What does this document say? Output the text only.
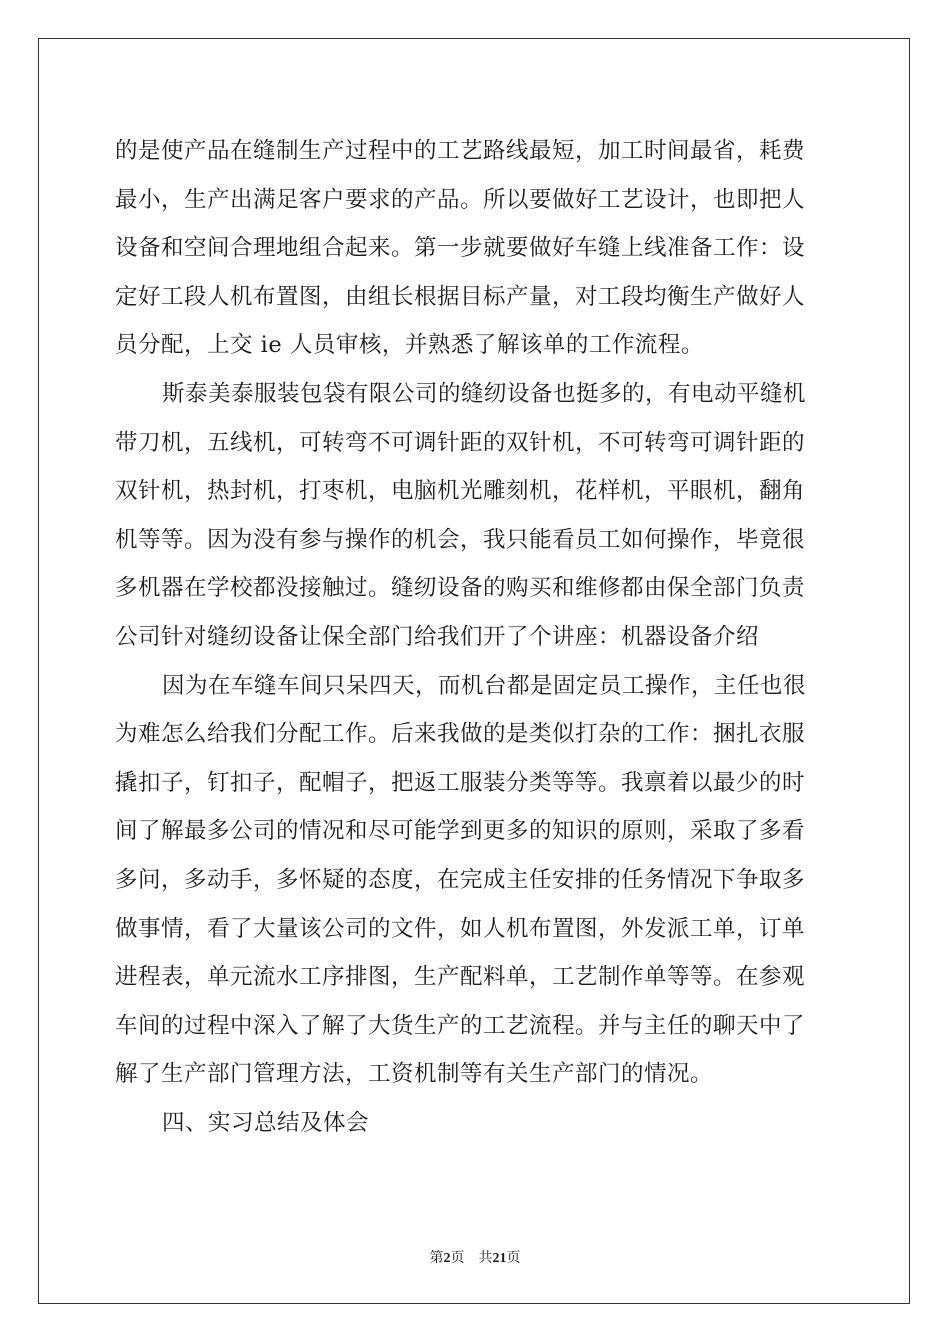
的是使产品在缝制生产过程中的工艺路线最短，加工时间最省，耗费
最小，生产出满足客户要求的产品。所以要做好工艺设计，也即把人
设备和空间合理地组合起来。第一步就要做好车缝上线准备工作：设
定好工段人机布置图，由组长根据目标产量，对工段均衡生产做好人
员分配，上交 ie 人员审核，并熟悉了解该单的工作流程。
斯泰美泰服装包袋有限公司的缝纫设备也挺多的，有电动平缝机
带刀机，五线机，可转弯不可调针距的双针机，不可转弯可调针距的
双针机，热封机，打枣机，电脑机光雕刻机，花样机，平眼机，翻角
机等等。因为没有参与操作的机会，我只能看员工如何操作，毕竟很
多机器在学校都没接触过。缝纫设备的购买和维修都由保全部门负责
公司针对缝纫设备让保全部门给我们开了个讲座：机器设备介绍
因为在车缝车间只呆四天，而机台都是固定员工操作，主任也很
为难怎么给我们分配工作。后来我做的是类似打杂的工作：捆扎衣服
撬扣子，钉扣子，配帽子，把返工服装分类等等。我禀着以最少的时
间了解最多公司的情况和尽可能学到更多的知识的原则，采取了多看
多问，多动手，多怀疑的态度，在完成主任安排的任务情况下争取多
做事情，看了大量该公司的文件，如人机布置图，外发派工单，订单
进程表，单元流水工序排图，生产配料单，工艺制作单等等。在参观
车间的过程中深入了解了大货生产的工艺流程。并与主任的聊天中了
解了生产部门管理方法，工资机制等有关生产部门的情况。
四、实习总结及体会

第2页 共21页
